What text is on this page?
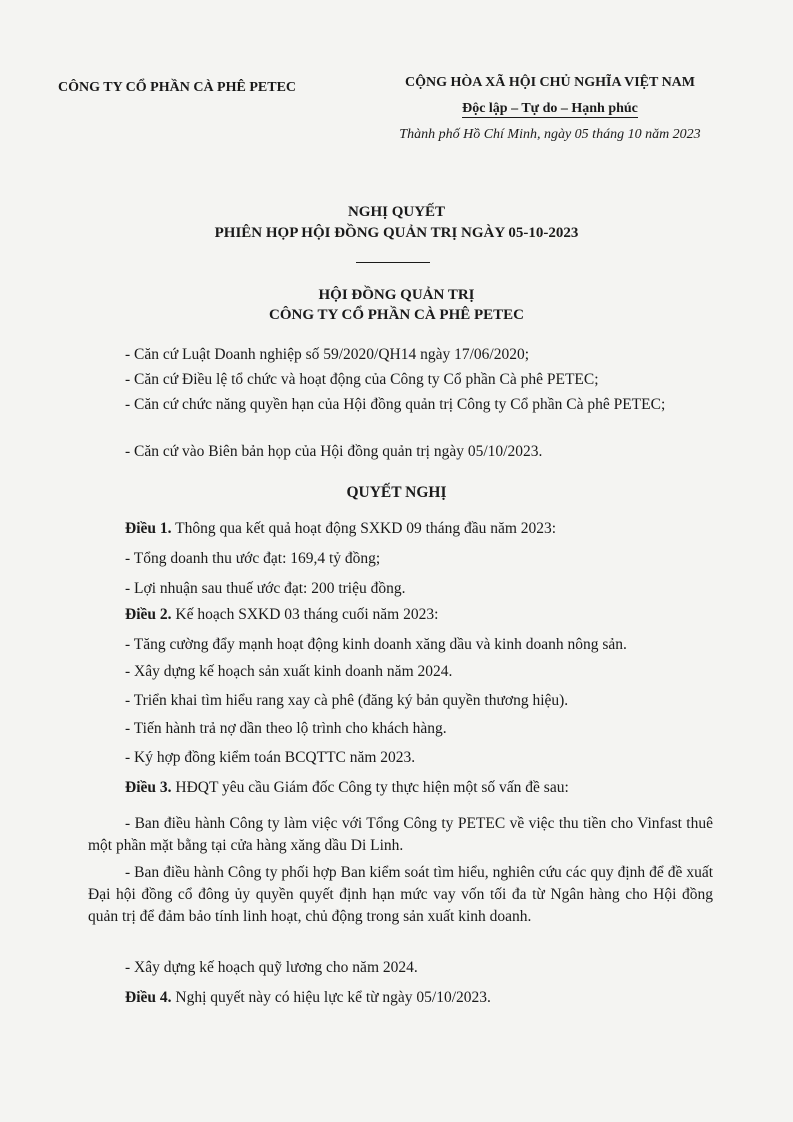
CÔNG TY CỔ PHẦN CÀ PHÊ PETEC	CỘNG HÒA XÃ HỘI CHỦ NGHĨA VIỆT NAM
Độc lập – Tự do – Hạnh phúc
Thành phố Hồ Chí Minh, ngày 05 tháng 10 năm 2023
NGHỊ QUYẾT
PHIÊN HỌP HỘI ĐỒNG QUẢN TRỊ NGÀY 05-10-2023
HỘI ĐỒNG QUẢN TRỊ
CÔNG TY CỔ PHẦN CÀ PHÊ PETEC
- Căn cứ Luật Doanh nghiệp số 59/2020/QH14 ngày 17/06/2020;
- Căn cứ Điều lệ tổ chức và hoạt động của Công ty Cổ phần Cà phê PETEC;
- Căn cứ chức năng quyền hạn của Hội đồng quản trị Công ty Cổ phần Cà phê PETEC;
- Căn cứ vào Biên bản họp của Hội đồng quản trị ngày 05/10/2023.
QUYẾT NGHỊ
Điều 1. Thông qua kết quả hoạt động SXKD 09 tháng đầu năm 2023:
- Tổng doanh thu ước đạt: 169,4 tỷ đồng;
- Lợi nhuận sau thuế ước đạt: 200 triệu đồng.
Điều 2. Kế hoạch SXKD 03 tháng cuối năm 2023:
- Tăng cường đẩy mạnh hoạt động kinh doanh xăng dầu và kinh doanh nông sản.
- Xây dựng kế hoạch sản xuất kinh doanh năm 2024.
- Triển khai tìm hiểu rang xay cà phê (đăng ký bản quyền thương hiệu).
- Tiến hành trả nợ dần theo lộ trình cho khách hàng.
- Ký hợp đồng kiểm toán BCQTTC năm 2023.
Điều 3. HĐQT yêu cầu Giám đốc Công ty thực hiện một số vấn đề sau:
- Ban điều hành Công ty làm việc với Tổng Công ty PETEC về việc thu tiền cho Vinfast thuê một phần mặt bằng tại cửa hàng xăng dầu Di Linh.
- Ban điều hành Công ty phối hợp Ban kiểm soát tìm hiểu, nghiên cứu các quy định để đề xuất Đại hội đồng cổ đông ủy quyền quyết định hạn mức vay vốn tối đa từ Ngân hàng cho Hội đồng quản trị để đảm bảo tính linh hoạt, chủ động trong sản xuất kinh doanh.
- Xây dựng kế hoạch quỹ lương cho năm 2024.
Điều 4. Nghị quyết này có hiệu lực kể từ ngày 05/10/2023.
